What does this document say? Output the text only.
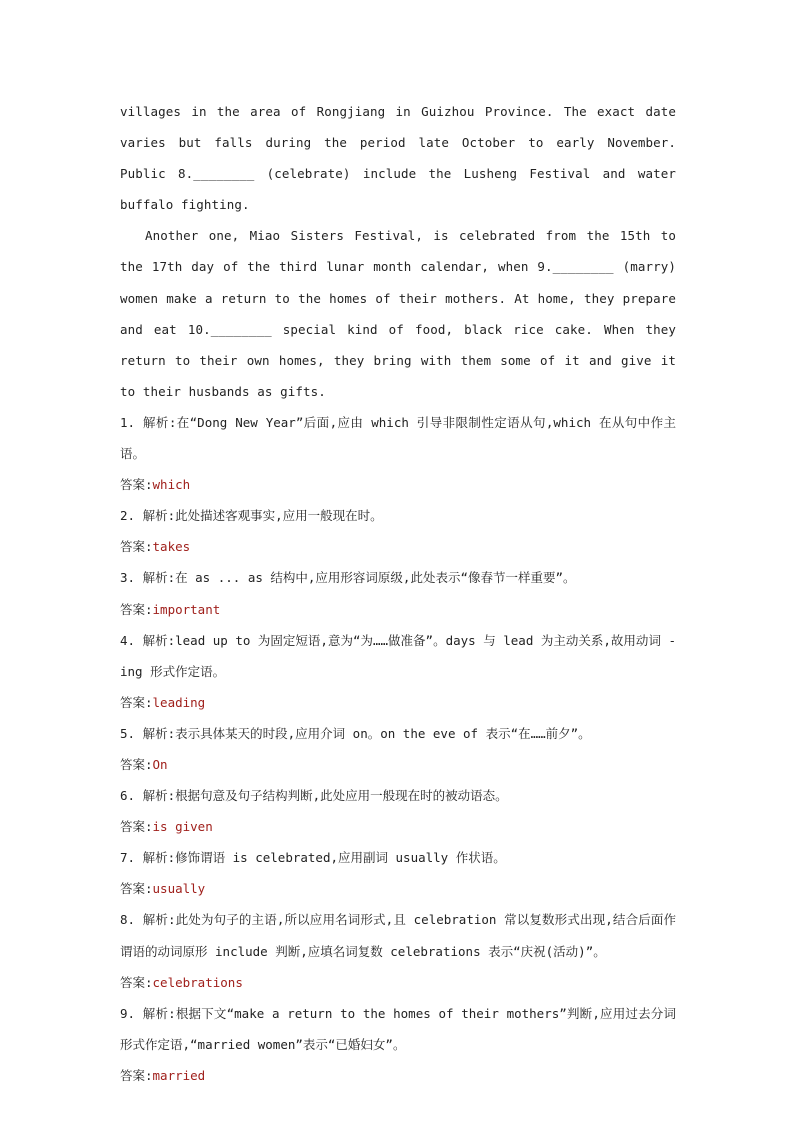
villages in the area of Rongjiang in Guizhou Province. The exact date varies but falls during the period late October to early November. Public 8.________ (celebrate) include the Lusheng Festival and water buffalo fighting.

Another one, Miao Sisters Festival, is celebrated from the 15th to the 17th day of the third lunar month calendar, when 9.________ (marry) women make a return to the homes of their mothers. At home, they prepare and eat 10.________ special kind of food, black rice cake. When they return to their own homes, they bring with them some of it and give it to their husbands as gifts.

1. 解析:在“Dong New Year”后面,应由 which 引导非限制性定语从句,which 在从句中作主语。

答案:which

2. 解析:此处描述客观事实,应用一般现在时。

答案:takes

3. 解析:在 as ... as 结构中,应用形容词原级,此处表示“像春节一样重要”。

答案:important

4. 解析:lead up to 为固定短语,意为“为……做准备”。days 与 lead 为主动关系,故用动词 -ing 形式作定语。

答案:leading

5. 解析:表示具体某天的时段,应用介词 on。on the eve of 表示“在……前夕”。

答案:On

6. 解析:根据句意及句子结构判断,此处应用一般现在时的被动语态。

答案:is given

7. 解析:修饰谓语 is celebrated,应用副词 usually 作状语。

答案:usually

8. 解析:此处为句子的主语,所以应用名词形式,且 celebration 常以复数形式出现,结合后面作谓语的动词原形 include 判断,应填名词复数 celebrations 表示“庆祝(活动)”。

答案:celebrations

9. 解析:根据下文“make a return to the homes of their mothers”判断,应用过去分词形式作定语,“married women”表示“已婚妇女”。

答案:married
